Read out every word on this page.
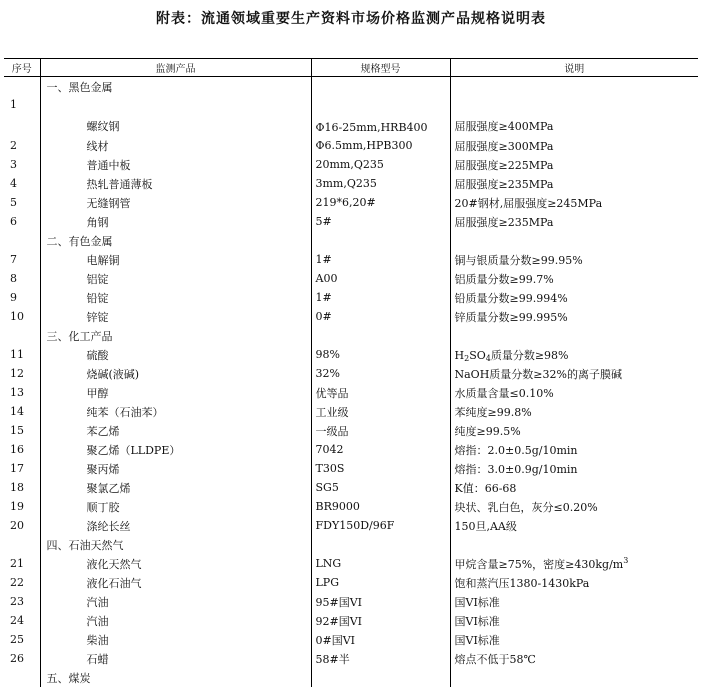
附表：流通领域重要生产资料市场价格监测产品规格说明表
序号	监测产品	规格型号	说明
	一、黑色金属		
1	螺纹钢	Φ16-25mm,HRB400	屈服强度≥400MPa
2	线材	Φ6.5mm,HPB300	屈服强度≥300MPa
3	普通中板	20mm,Q235	屈服强度≥225MPa
4	热轧普通薄板	3mm,Q235	屈服强度≥235MPa
5	无缝钢管	219*6,20#	20#钢材,屈服强度≥245MPa
6	角钢	5#	屈服强度≥235MPa
	二、有色金属		
7	电解铜	1#	铜与银质量分数≥99.95%
8	铝锭	A00	铝质量分数≥99.7%
9	铅锭	1#	铅质量分数≥99.994%
10	锌锭	0#	锌质量分数≥99.995%
	三、化工产品		
11	硫酸	98%	$H_2SO_4$质量分数≥98%
12	烧碱(液碱)	32%	NaOH质量分数≥32%的离子膜碱
13	甲醇	优等品	水质量含量≤0.10%
14	纯苯（石油苯）	工业级	苯纯度≥99.8%
15	苯乙烯	一级品	纯度≥99.5%
16	聚乙烯（LLDPE）	7042	熔指：2.0±0.5g/10min
17	聚丙烯	T30S	熔指：3.0±0.9g/10min
18	聚氯乙烯	SG5	K值：66-68
19	顺丁胶	BR9000	块状、乳白色，灰分≤0.20%
20	涤纶长丝	FDY150D/96F	150旦,AA级
	四、石油天然气		
21	液化天然气	LNG	甲烷含量≥75%，密度$\ge 430kg/m^3$
22	液化石油气	LPG	饱和蒸汽压1380-1430kPa
23	汽油	95#国VI	国VI标准
24	汽油	92#国VI	国VI标准
25	柴油	0#国VI	国VI标准
26	石蜡	58#半	熔点不低于58℃
	五、煤炭		
